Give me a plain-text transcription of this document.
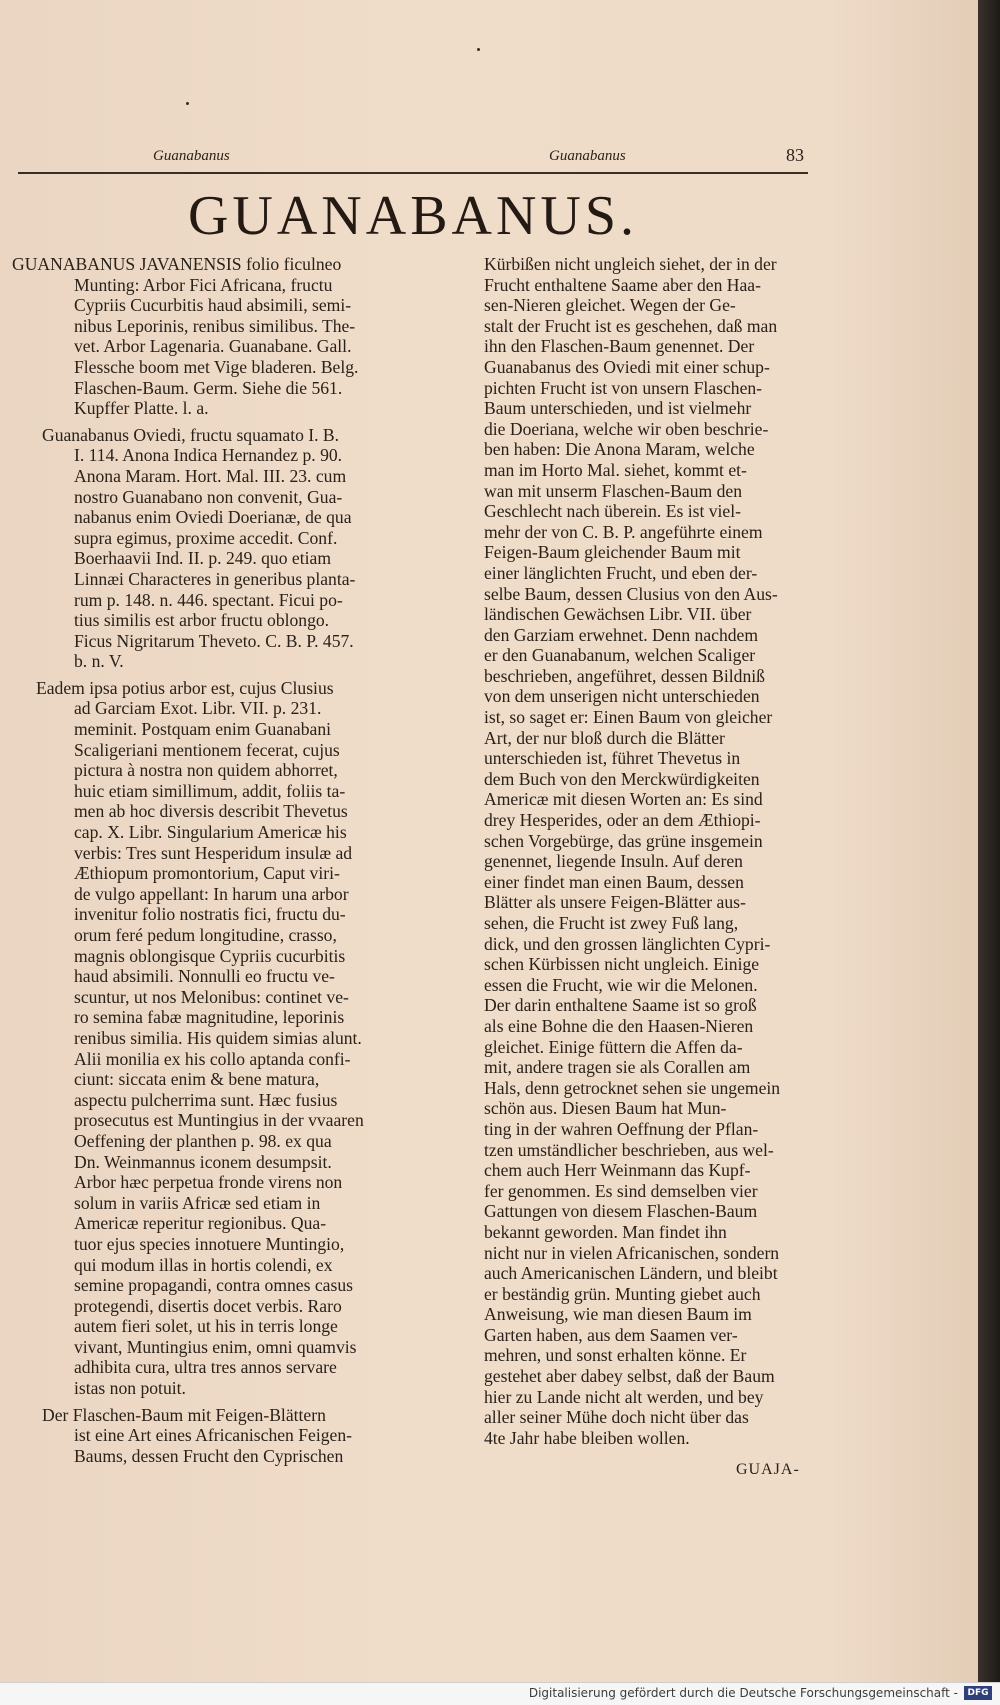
Guanabanus	Guanabanus	83
GUANABANUS.
GUANABANUS JAVANENSIS folio ficulneo
Munting: Arbor Fici Africana, fructu
Cypriis Cucurbitis haud absimili, semi-
nibus Leporinis, renibus similibus. The-
vet. Arbor Lagenaria. Guanabane. Gall.
Flessche boom met Vige bladeren. Belg.
Flaschen-Baum. Germ. Siehe die 561.
Kupffer Platte. l. a.
Guanabanus Oviedi, fructu squamato I. B.
I. 114. Anona Indica Hernandez p. 90.
Anona Maram. Hort. Mal. III. 23. cum
nostro Guanabano non convenit, Gua-
nabanus enim Oviedi Doerianæ, de qua
supra egimus, proxime accedit. Conf.
Boerhaavii Ind. II. p. 249. quo etiam
Linnæi Characteres in generibus planta-
rum p. 148. n. 446. spectant. Ficui po-
tius similis est arbor fructu oblongo.
Ficus Nigritarum Theveto. C. B. P. 457.
b. n. V.
Eadem ipsa potius arbor est, cujus Clusius
ad Garciam Exot. Libr. VII. p. 231.
meminit. Postquam enim Guanabani
Scaligeriani mentionem fecerat, cujus
pictura à nostra non quidem abhorret,
huic etiam simillimum, addit, foliis ta-
men ab hoc diversis describit Thevetus
cap. X. Libr. Singularium Americæ his
verbis: Tres sunt Hesperidum insulæ ad
Æthiopum promontorium, Caput viri-
de vulgo appellant: In harum una arbor
invenitur folio nostratis fici, fructu du-
orum feré pedum longitudine, crasso,
magnis oblongisque Cypriis cucurbitis
haud absimili. Nonnulli eo fructu ve-
scuntur, ut nos Melonibus: continet ve-
ro semina fabæ magnitudine, leporinis
renibus similia. His quidem simias alunt.
Alii monilia ex his collo aptanda confi-
ciunt: siccata enim & bene matura,
aspectu pulcherrima sunt. Hæc fusius
prosecutus est Muntingius in der vvaaren
Oeffening der planthen p. 98. ex qua
Dn. Weinmannus iconem desumpsit.
Arbor hæc perpetua fronde virens non
solum in variis Africæ sed etiam in
Americæ reperitur regionibus. Qua-
tuor ejus species innotuere Muntingio,
qui modum illas in hortis colendi, ex
semine propagandi, contra omnes casus
protegendi, disertis docet verbis. Raro
autem fieri solet, ut his in terris longe
vivant, Muntingius enim, omni quamvis
adhibita cura, ultra tres annos servare
istas non potuit.
Der Flaschen-Baum mit Feigen-Blättern
ist eine Art eines Africanischen Feigen-
Baums, dessen Frucht den Cyprischen
Kürbißen nicht ungleich siehet, der in der
Frucht enthaltene Saame aber den Haa-
sen-Nieren gleichet. Wegen der Ge-
stalt der Frucht ist es geschehen, daß man
ihn den Flaschen-Baum genennet. Der
Guanabanus des Oviedi mit einer schup-
pichten Frucht ist von unsern Flaschen-
Baum unterschieden, und ist vielmehr
die Doeriana, welche wir oben beschrie-
ben haben: Die Anona Maram, welche
man im Horto Mal. siehet, kommt et-
wan mit unserm Flaschen-Baum den
Geschlecht nach überein. Es ist viel-
mehr der von C. B. P. angeführte einem
Feigen-Baum gleichender Baum mit
einer länglichten Frucht, und eben der-
selbe Baum, dessen Clusius von den Aus-
ländischen Gewächsen Libr. VII. über
den Garziam erwehnet. Denn nachdem
er den Guanabanum, welchen Scaliger
beschrieben, angeführet, dessen Bildniß
von dem unserigen nicht unterschieden
ist, so saget er: Einen Baum von gleicher
Art, der nur bloß durch die Blätter
unterschieden ist, führet Thevetus in
dem Buch von den Merckwürdigkeiten
Americæ mit diesen Worten an: Es sind
drey Hesperides, oder an dem Æthiopi-
schen Vorgebürge, das grüne insgemein
genennet, liegende Insuln. Auf deren
einer findet man einen Baum, dessen
Blätter als unsere Feigen-Blätter aus-
sehen, die Frucht ist zwey Fuß lang,
dick, und den grossen länglichten Cypri-
schen Kürbissen nicht ungleich. Einige
essen die Frucht, wie wir die Melonen.
Der darin enthaltene Saame ist so groß
als eine Bohne die den Haasen-Nieren
gleichet. Einige füttern die Affen da-
mit, andere tragen sie als Corallen am
Hals, denn getrocknet sehen sie ungemein
schön aus. Diesen Baum hat Mun-
ting in der wahren Oeffnung der Pflan-
tzen umständlicher beschrieben, aus wel-
chem auch Herr Weinmann das Kupf-
fer genommen. Es sind demselben vier
Gattungen von diesem Flaschen-Baum
bekannt geworden. Man findet ihn
nicht nur in vielen Africanischen, sondern
auch Americanischen Ländern, und bleibt
er beständig grün. Munting giebet auch
Anweisung, wie man diesen Baum im
Garten haben, aus dem Saamen ver-
mehren, und sonst erhalten könne. Er
gestehet aber dabey selbst, daß der Baum
hier zu Lande nicht alt werden, und bey
aller seiner Mühe doch nicht über das
4te Jahr habe bleiben wollen.
GUAJA-
Digitalisierung gefördert durch die Deutsche Forschungsgemeinschaft -	DFG
